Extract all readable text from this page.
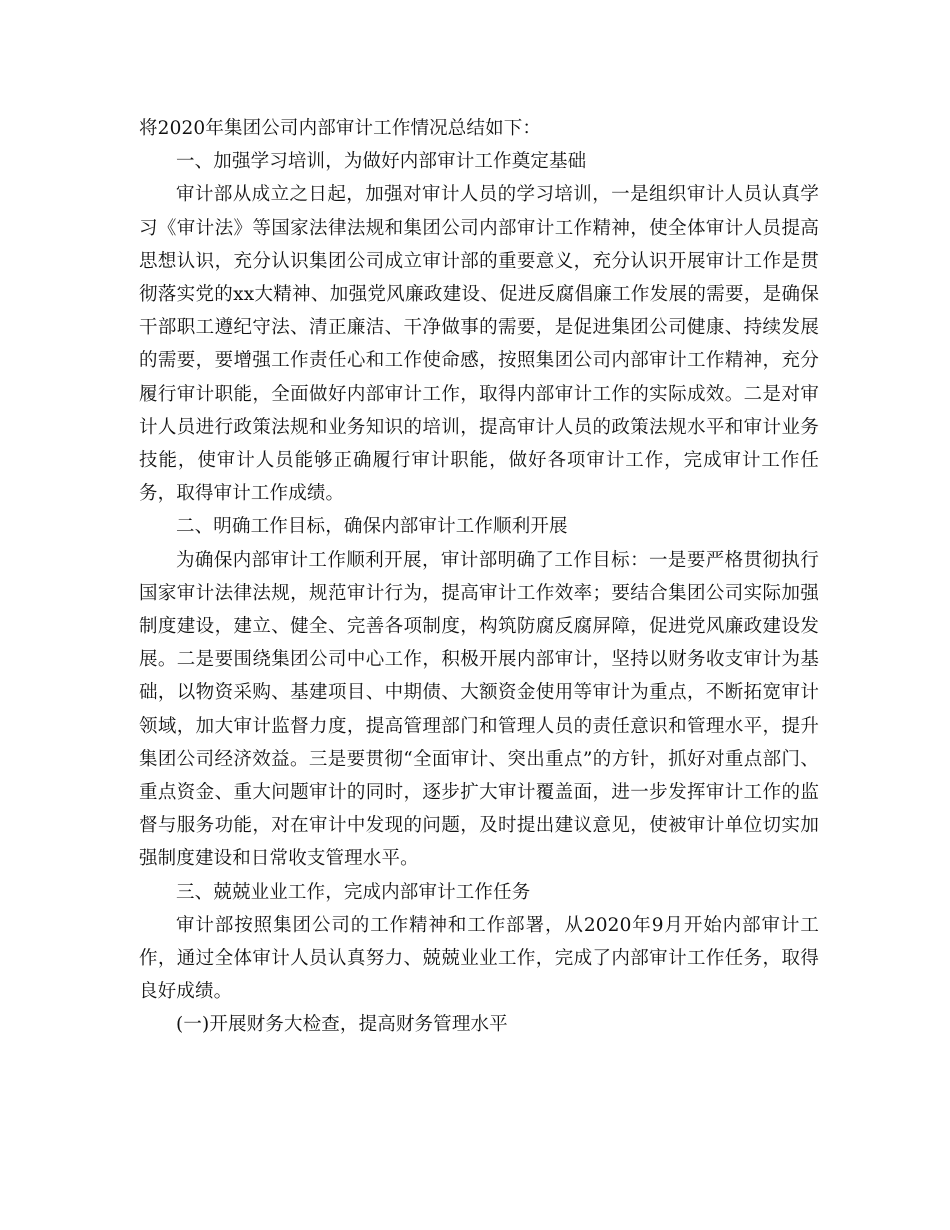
将2020年集团公司内部审计工作情况总结如下：

一、加强学习培训，为做好内部审计工作奠定基础

审计部从成立之日起，加强对审计人员的学习培训，一是组织审计人员认真学习《审计法》等国家法律法规和集团公司内部审计工作精神，使全体审计人员提高思想认识，充分认识集团公司成立审计部的重要意义，充分认识开展审计工作是贯彻落实党的xx大精神、加强党风廉政建设、促进反腐倡廉工作发展的需要，是确保干部职工遵纪守法、清正廉洁、干净做事的需要，是促进集团公司健康、持续发展的需要，要增强工作责任心和工作使命感，按照集团公司内部审计工作精神，充分履行审计职能，全面做好内部审计工作，取得内部审计工作的实际成效。二是对审计人员进行政策法规和业务知识的培训，提高审计人员的政策法规水平和审计业务技能，使审计人员能够正确履行审计职能，做好各项审计工作，完成审计工作任务，取得审计工作成绩。

二、明确工作目标，确保内部审计工作顺利开展

为确保内部审计工作顺利开展，审计部明确了工作目标：一是要严格贯彻执行国家审计法律法规，规范审计行为，提高审计工作效率；要结合集团公司实际加强制度建设，建立、健全、完善各项制度，构筑防腐反腐屏障，促进党风廉政建设发展。二是要围绕集团公司中心工作，积极开展内部审计，坚持以财务收支审计为基础，以物资采购、基建项目、中期债、大额资金使用等审计为重点，不断拓宽审计领域，加大审计监督力度，提高管理部门和管理人员的责任意识和管理水平，提升集团公司经济效益。三是要贯彻“全面审计、突出重点”的方针，抓好对重点部门、重点资金、重大问题审计的同时，逐步扩大审计覆盖面，进一步发挥审计工作的监督与服务功能，对在审计中发现的问题，及时提出建议意见，使被审计单位切实加强制度建设和日常收支管理水平。

三、兢兢业业工作，完成内部审计工作任务

审计部按照集团公司的工作精神和工作部署，从2020年9月开始内部审计工作，通过全体审计人员认真努力、兢兢业业工作，完成了内部审计工作任务，取得良好成绩。

(一)开展财务大检查，提高财务管理水平
